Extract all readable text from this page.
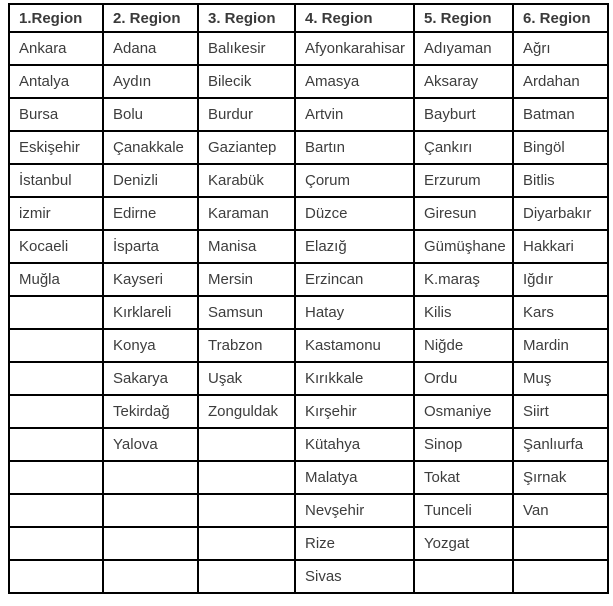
1.Region	2. Region	3. Region	4. Region	5. Region	6. Region
Ankara	Adana	Balıkesir	Afyonkarahisar	Adıyaman	Ağrı
Antalya	Aydın	Bilecik	Amasya	Aksaray	Ardahan
Bursa	Bolu	Burdur	Artvin	Bayburt	Batman
Eskişehir	Çanakkale	Gaziantep	Bartın	Çankırı	Bingöl
İstanbul	Denizli	Karabük	Çorum	Erzurum	Bitlis
izmir	Edirne	Karaman	Düzce	Giresun	Diyarbakır
Kocaeli	İsparta	Manisa	Elazığ	Gümüşhane	Hakkari
Muğla	Kayseri	Mersin	Erzincan	K.maraş	Iğdır
	Kırklareli	Samsun	Hatay	Kilis	Kars
	Konya	Trabzon	Kastamonu	Niğde	Mardin
	Sakarya	Uşak	Kırıkkale	Ordu	Muş
	Tekirdağ	Zonguldak	Kırşehir	Osmaniye	Siirt
	Yalova		Kütahya	Sinop	Şanlıurfa
			Malatya	Tokat	Şırnak
			Nevşehir	Tunceli	Van
			Rize	Yozgat	
			Sivas		
